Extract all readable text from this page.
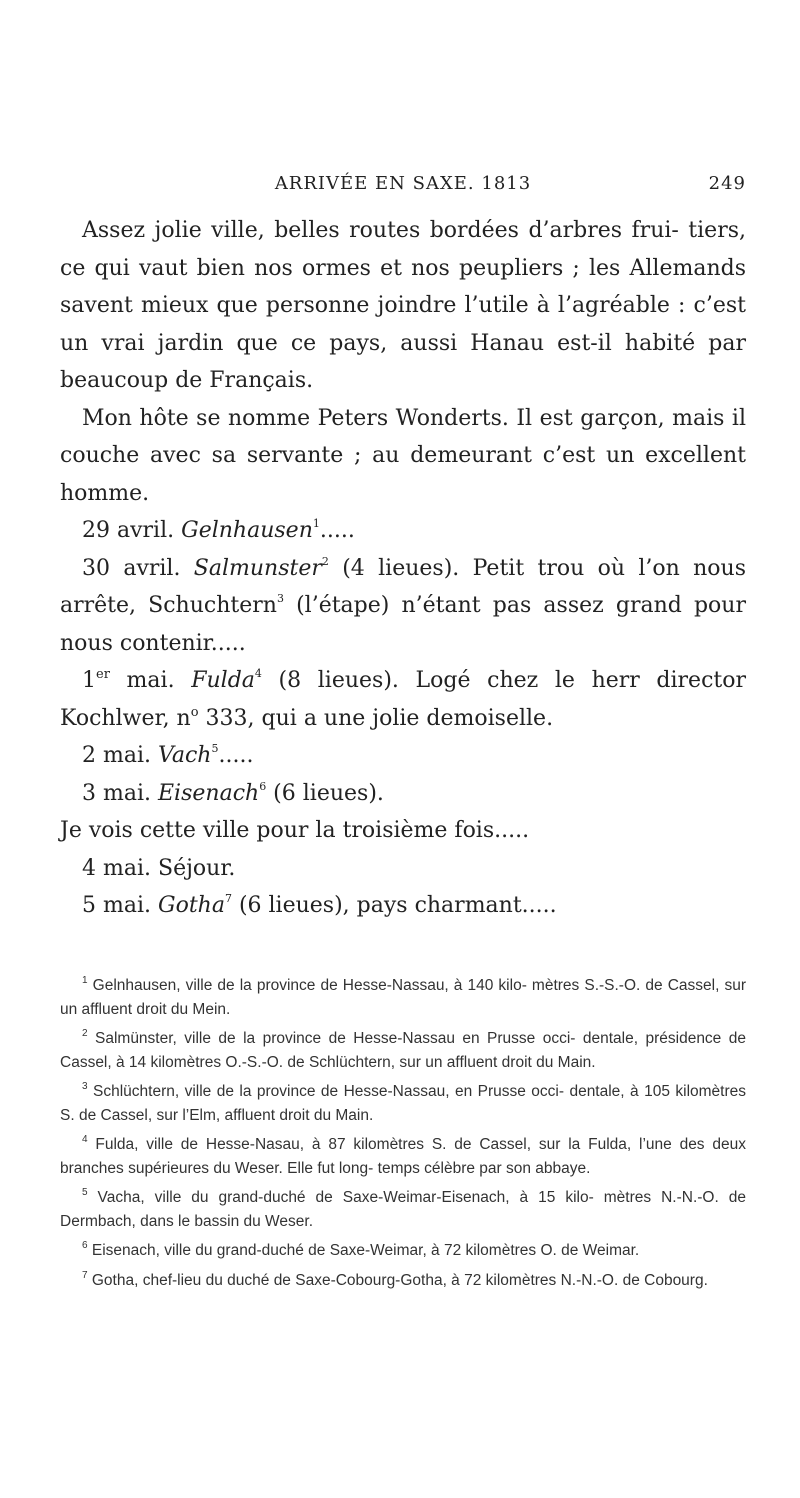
ARRIVÉE EN SAXE. 1813	249

Assez jolie ville, belles routes bordées d’arbres frui- tiers, ce qui vaut bien nos ormes et nos peupliers ; les Allemands savent mieux que personne joindre l’utile à l’agréable : c’est un vrai jardin que ce pays, aussi Hanau est-il habité par beaucoup de Français.

Mon hôte se nomme Peters Wonderts. Il est garçon, mais il couche avec sa servante ; au demeurant c’est un excellent homme.

29 avril. Gelnhausen$^1$.....

30 avril. Salmunster$^2$ (4 lieues). Petit trou où l’on nous arrête, Schuchtern$^3$ (l’étape) n’étant pas assez grand pour nous contenir.....

1er mai. Fulda$^4$ (8 lieues). Logé chez le herr director Kochlwer, $n^o$ 333, qui a une jolie demoiselle.

2 mai. Vach$^5$.....

3 mai. Eisenach$^6$ (6 lieues).

Je vois cette ville pour la troisième fois.....

4 mai. Séjour.

5 mai. Gotha$^7$ (6 lieues), pays charmant.....

$^1$ Gelnhausen, ville de la province de Hesse-Nassau, à 140 kilo- mètres S.-S.-O. de Cassel, sur un affluent droit du Mein.

$^2$ Salmünster, ville de la province de Hesse-Nassau en Prusse occi- dentale, présidence de Cassel, à 14 kilomètres O.-S.-O. de Schlüchtern, sur un affluent droit du Main.

$^3$ Schlüchtern, ville de la province de Hesse-Nassau, en Prusse occi- dentale, à 105 kilomètres S. de Cassel, sur l’Elm, affluent droit du Main.

$^4$ Fulda, ville de Hesse-Nasau, à 87 kilomètres S. de Cassel, sur la Fulda, l’une des deux branches supérieures du Weser. Elle fut long- temps célèbre par son abbaye.

$^5$ Vacha, ville du grand-duché de Saxe-Weimar-Eisenach, à 15 kilo- mètres N.-N.-O. de Dermbach, dans le bassin du Weser.

$^6$ Eisenach, ville du grand-duché de Saxe-Weimar, à 72 kilomètres O. de Weimar.

$^7$ Gotha, chef-lieu du duché de Saxe-Cobourg-Gotha, à 72 kilomètres N.-N.-O. de Cobourg.
